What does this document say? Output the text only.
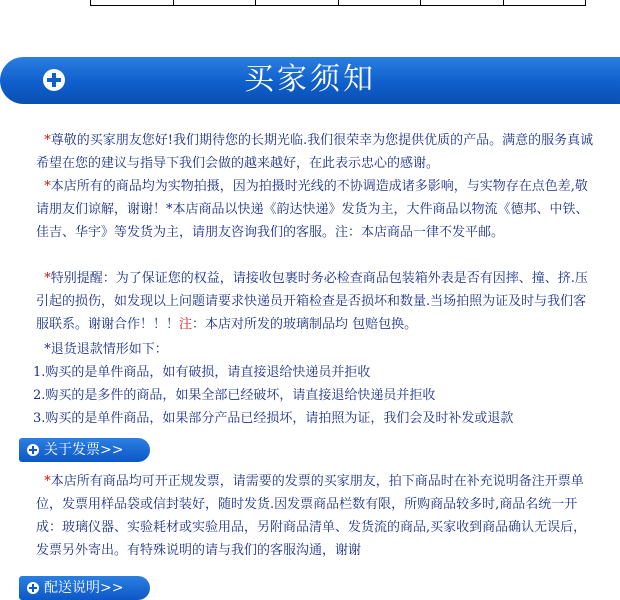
买家须知

*尊敬的买家朋友您好!我们期待您的长期光临.我们很荣幸为您提供优质的产品。满意的服务真诚希望在您的建议与指导下我们会做的越来越好，在此表示忠心的感谢。

*本店所有的商品均为实物拍摄，因为拍摄时光线的不协调造成诸多影响，与实物存在点色差,敬请朋友们谅解，谢谢！*本店商品以快递《韵达快递》发货为主，大件商品以物流《德邦、中铁、佳吉、华宇》等发货为主，请朋友咨询我们的客服。注：本店商品一律不发平邮。

*特别提醒：为了保证您的权益，请接收包裹时务必检查商品包装箱外表是否有因摔、撞、挤.压引起的损伤，如发现以上问题请要求快递员开箱检查是否损坏和数量.当场拍照为证及时与我们客服联系。谢谢合作！！！注：本店对所发的玻璃制品均 包赔包换。

*退货退款情形如下：

1.购买的是单件商品，如有破损，请直接退给快递员并拒收

2.购买的是多件的商品，如果全部已经破坏，请直接退给快递员并拒收

3.购买的是单件商品，如果部分产品已经损坏，请拍照为证，我们会及时补发或退款

关于发票>>

*本店所有商品均可开正规发票，请需要的发票的买家朋友，拍下商品时在补充说明备注开票单位，发票用样品袋或信封装好，随时发货.因发票商品栏数有限，所购商品较多时,商品名统一开成：玻璃仪器、实验耗材或实验用品，另附商品清单、发货流的商品,买家收到商品确认无误后，发票另外寄出。有特殊说明的请与我们的客服沟通，谢谢

配送说明>>
